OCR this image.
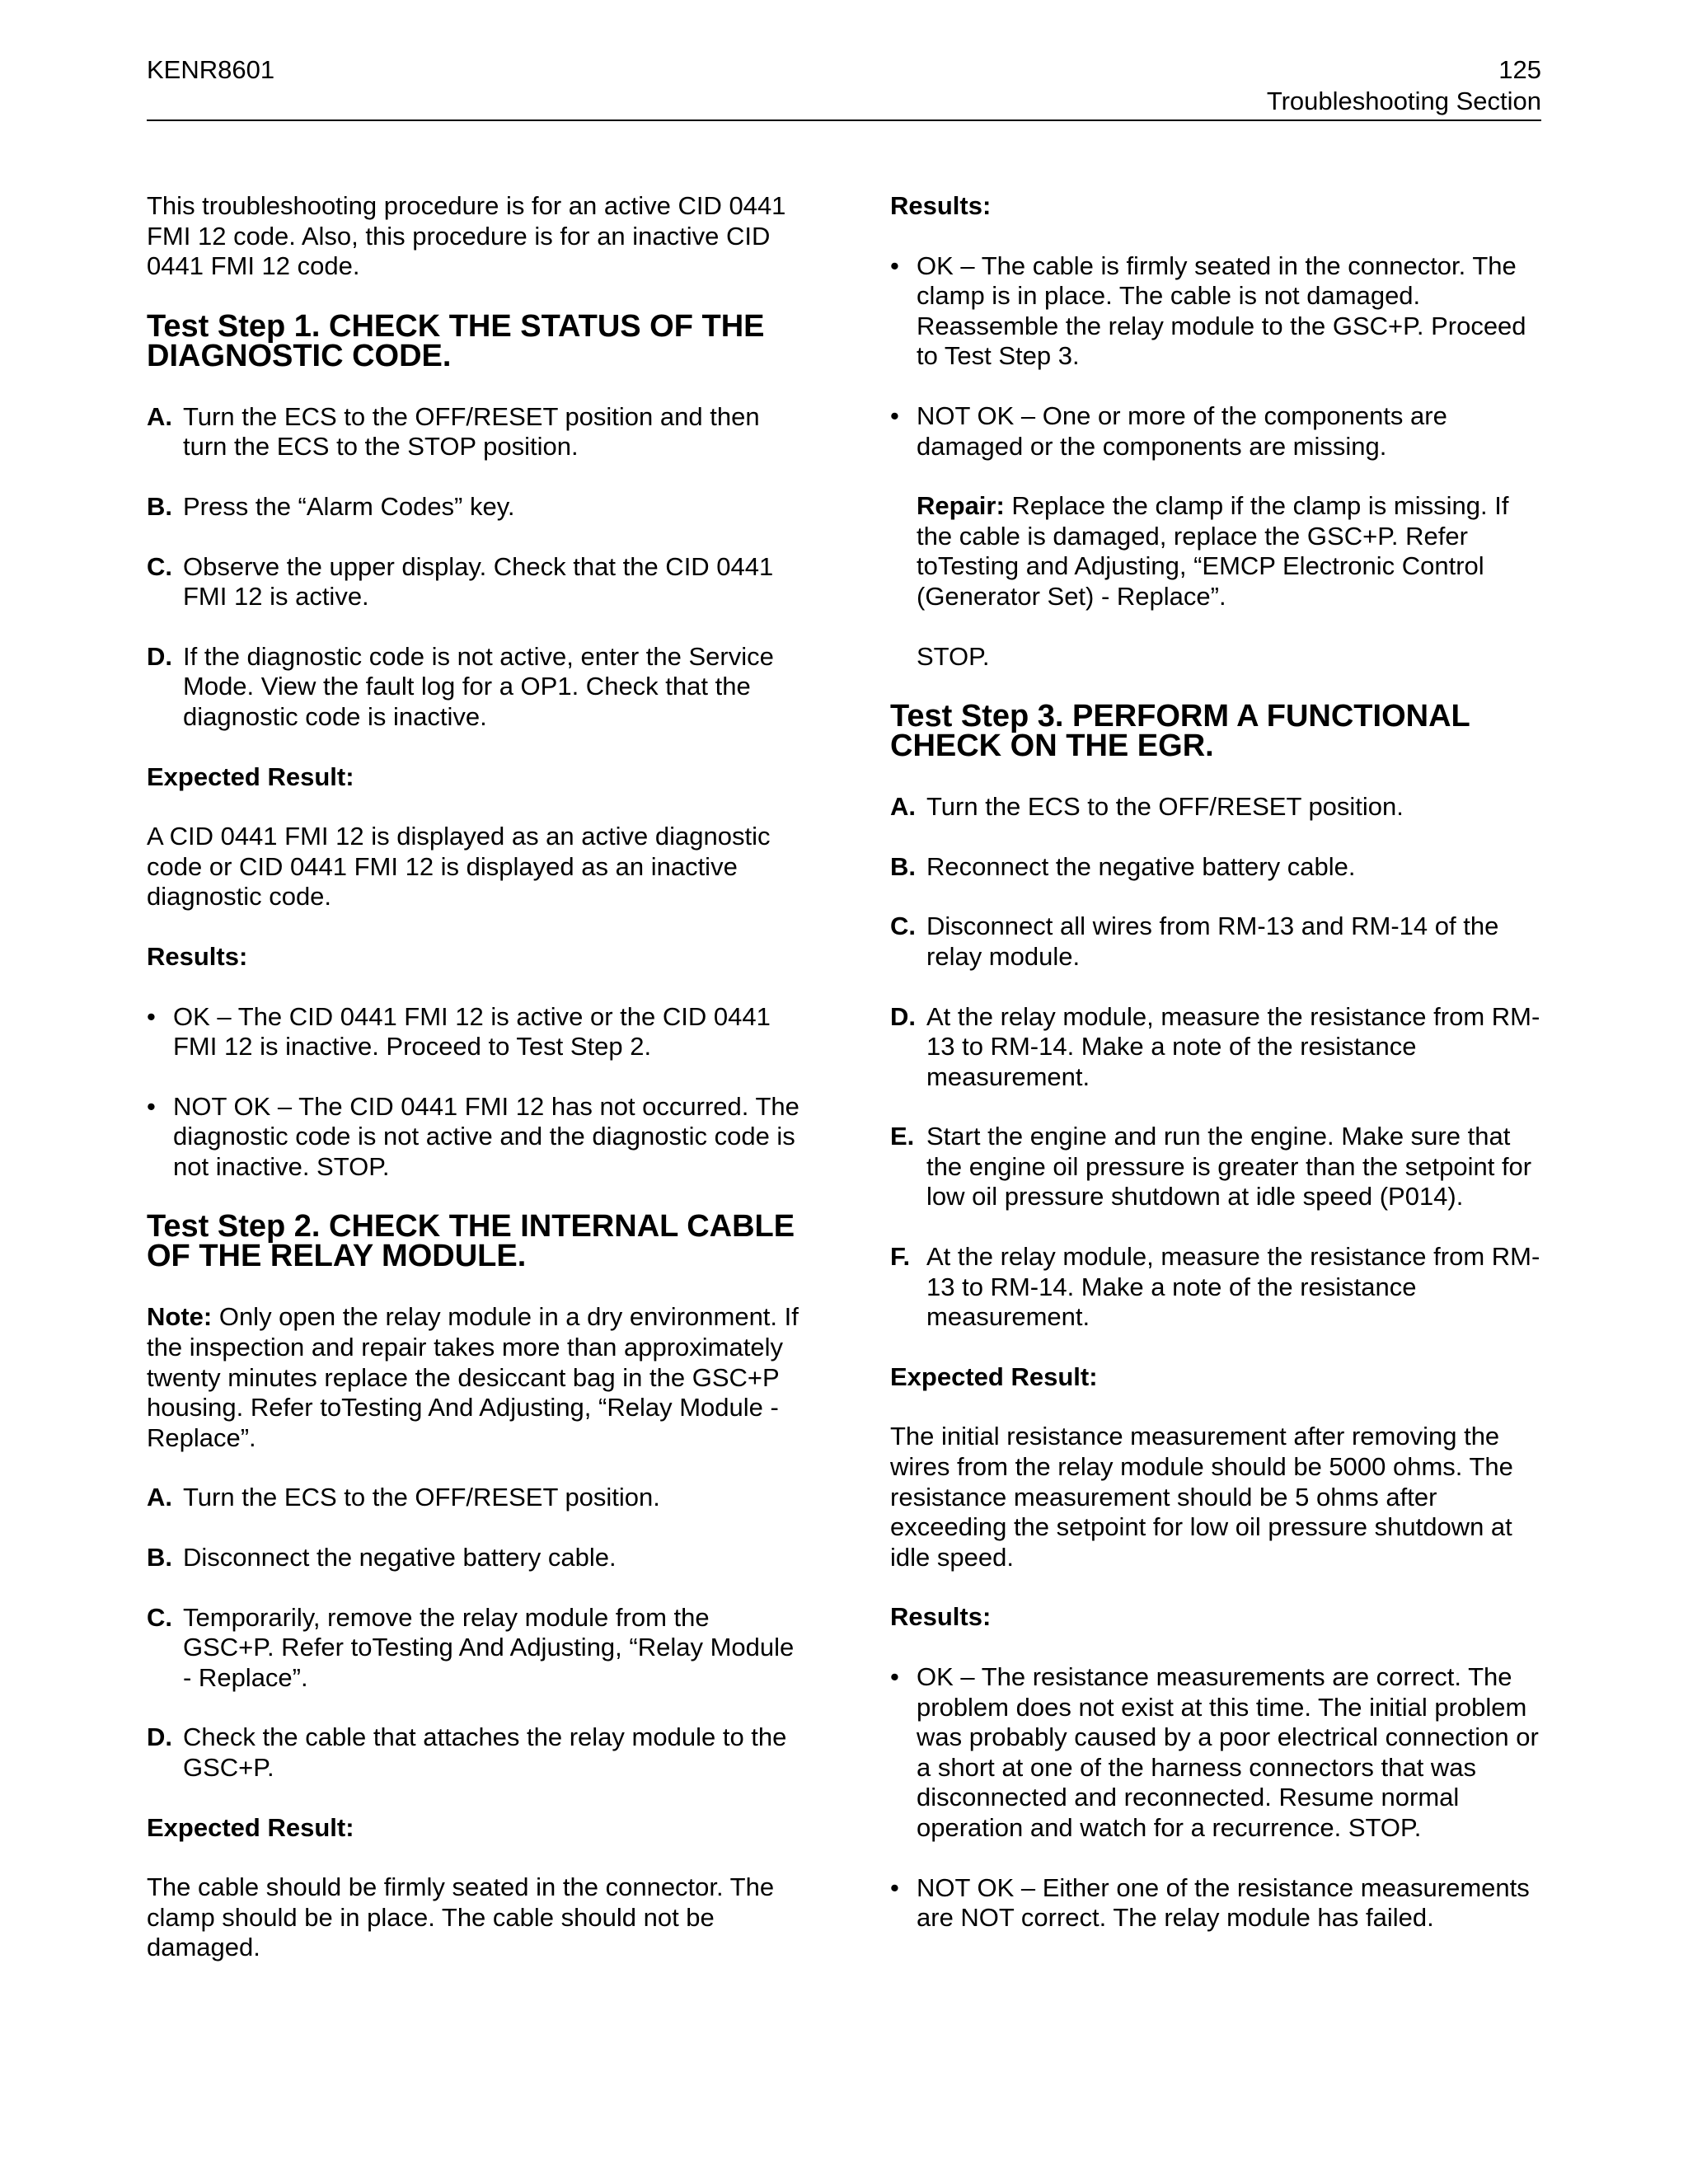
KENR8601	125
Troubleshooting Section

This troubleshooting procedure is for an active CID 0441 FMI 12 code. Also, this procedure is for an inactive CID 0441 FMI 12 code.

Test Step 1. CHECK THE STATUS OF THE DIAGNOSTIC CODE.
A. Turn the ECS to the OFF/RESET position and then turn the ECS to the STOP position.
B. Press the “Alarm Codes” key.
C. Observe the upper display. Check that the CID 0441 FMI 12 is active.
D. If the diagnostic code is not active, enter the Service Mode. View the fault log for a OP1. Check that the diagnostic code is inactive.
Expected Result:

A CID 0441 FMI 12 is displayed as an active diagnostic code or CID 0441 FMI 12 is displayed as an inactive diagnostic code.

Results:
• OK – The CID 0441 FMI 12 is active or the CID 0441 FMI 12 is inactive. Proceed to Test Step 2.
• NOT OK – The CID 0441 FMI 12 has not occurred. The diagnostic code is not active and the diagnostic code is not inactive. STOP.
Test Step 2. CHECK THE INTERNAL CABLE OF THE RELAY MODULE.

Note: Only open the relay module in a dry environment. If the inspection and repair takes more than approximately twenty minutes replace the desiccant bag in the GSC+P housing. Refer toTesting And Adjusting, “Relay Module - Replace”.

A. Turn the ECS to the OFF/RESET position.
B. Disconnect the negative battery cable.
C. Temporarily, remove the relay module from the GSC+P. Refer toTesting And Adjusting, “Relay Module - Replace”.
D. Check the cable that attaches the relay module to the GSC+P.
Expected Result:

The cable should be firmly seated in the connector. The clamp should be in place. The cable should not be damaged.

Results:
• OK – The cable is firmly seated in the connector. The clamp is in place. The cable is not damaged. Reassemble the relay module to the GSC+P. Proceed to Test Step 3.
• NOT OK – One or more of the components are damaged or the components are missing.

Repair: Replace the clamp if the clamp is missing. If the cable is damaged, replace the GSC+P. Refer toTesting and Adjusting, “EMCP Electronic Control (Generator Set) - Replace”.

STOP.

Test Step 3. PERFORM A FUNCTIONAL CHECK ON THE EGR.
A. Turn the ECS to the OFF/RESET position.
B. Reconnect the negative battery cable.
C. Disconnect all wires from RM-13 and RM-14 of the relay module.
D. At the relay module, measure the resistance from RM-13 to RM-14. Make a note of the resistance measurement.
E. Start the engine and run the engine. Make sure that the engine oil pressure is greater than the setpoint for low oil pressure shutdown at idle speed (P014).
F. At the relay module, measure the resistance from RM-13 to RM-14. Make a note of the resistance measurement.
Expected Result:

The initial resistance measurement after removing the wires from the relay module should be 5000 ohms. The resistance measurement should be 5 ohms after exceeding the setpoint for low oil pressure shutdown at idle speed.

Results:
• OK – The resistance measurements are correct. The problem does not exist at this time. The initial problem was probably caused by a poor electrical connection or a short at one of the harness connectors that was disconnected and reconnected. Resume normal operation and watch for a recurrence. STOP.
• NOT OK – Either one of the resistance measurements are NOT correct. The relay module has failed.
